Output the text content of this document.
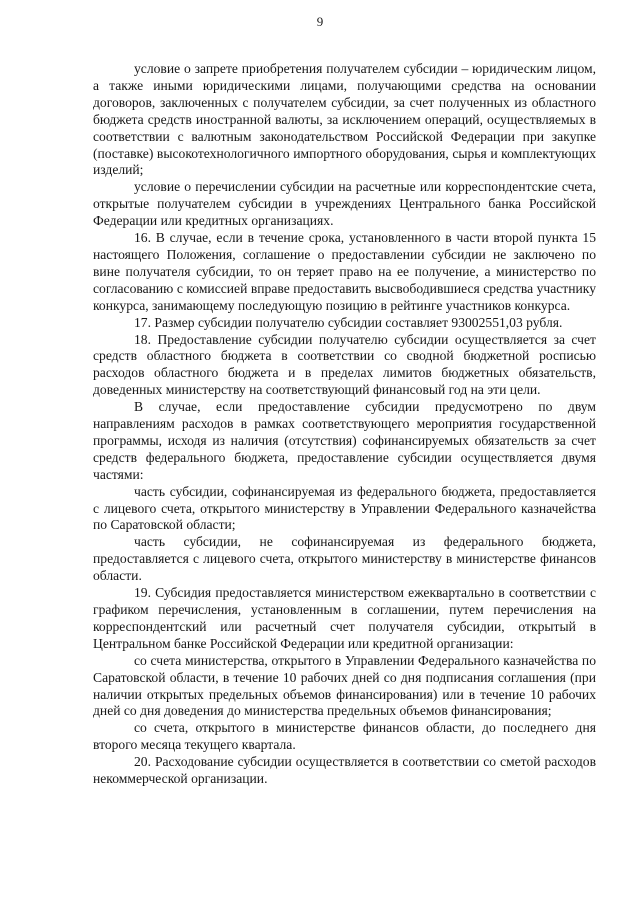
9

условие о запрете приобретения получателем субсидии – юридическим лицом, а также иными юридическими лицами, получающими средства на основании договоров, заключенных с получателем субсидии, за счет полученных из областного бюджета средств иностранной валюты, за исключением операций, осуществляемых в соответствии с валютным законодательством Российской Федерации при закупке (поставке) высокотехнологичного импортного оборудования, сырья и комплектующих изделий;

условие о перечислении субсидии на расчетные или корреспондентские счета, открытые получателем субсидии в учреждениях Центрального банка Российской Федерации или кредитных организациях.

16. В случае, если в течение срока, установленного в части второй пункта 15 настоящего Положения, соглашение о предоставлении субсидии не заключено по вине получателя субсидии, то он теряет право на ее получение, а министерство по согласованию с комиссией вправе предоставить высвободившиеся средства участнику конкурса, занимающему последующую позицию в рейтинге участников конкурса.

17. Размер субсидии получателю субсидии составляет 93002551,03 рубля.

18. Предоставление субсидии получателю субсидии осуществляется за счет средств областного бюджета в соответствии со сводной бюджетной росписью расходов областного бюджета и в пределах лимитов бюджетных обязательств, доведенных министерству на соответствующий финансовый год на эти цели.

В случае, если предоставление субсидии предусмотрено по двум направлениям расходов в рамках соответствующего мероприятия государственной программы, исходя из наличия (отсутствия) софинансируемых обязательств за счет средств федерального бюджета, предоставление субсидии осуществляется двумя частями:

часть субсидии, софинансируемая из федерального бюджета, предоставляется с лицевого счета, открытого министерству в Управлении Федерального казначейства по Саратовской области;

часть субсидии, не софинансируемая из федерального бюджета, предоставляется с лицевого счета, открытого министерству в министерстве финансов области.

19. Субсидия предоставляется министерством ежеквартально в соответствии с графиком перечисления, установленным в соглашении, путем перечисления на корреспондентский или расчетный счет получателя субсидии, открытый в Центральном банке Российской Федерации или кредитной организации:

со счета министерства, открытого в Управлении Федерального казначейства по Саратовской области, в течение 10 рабочих дней со дня подписания соглашения (при наличии открытых предельных объемов финансирования) или в течение 10 рабочих дней со дня доведения до министерства предельных объемов финансирования;

со счета, открытого в министерстве финансов области, до последнего дня второго месяца текущего квартала.

20. Расходование субсидии осуществляется в соответствии со сметой расходов некоммерческой организации.
